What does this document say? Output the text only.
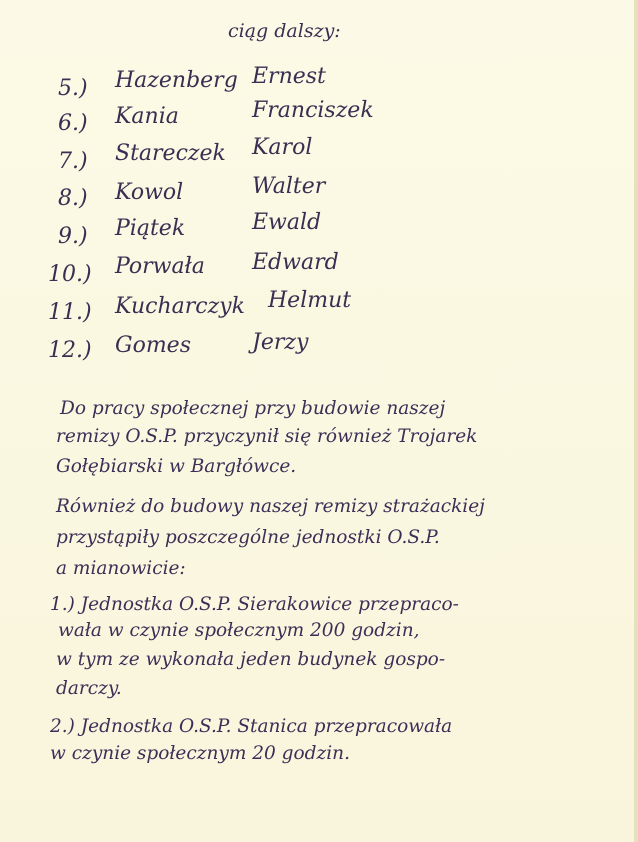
ciąg dalszy:
5.) Hazenberg Ernest
6.) Kania	Franciszek
7.) Stareczek Karol
8.) Kowol	Walter
9.) Piątek	Ewald
10.) Porwała Edward
11.) Kucharczyk Helmut
12.) Gomes	Jerzy
Do pracy społecznej przy budowie naszej
remizy O.S.P. przyczynił się również Trojarek
Gołębiarski w Bargłówce.
Również do budowy naszej remizy strażackiej
przystąpiły poszczególne jednostki O.S.P.
a mianowicie:
1.) Jednostka O.S.P. Sierakowice przepraco-
wała w czynie społecznym 200 godzin,
w tym ze wykonała jeden budynek gospo-
darczy.
2.) Jednostka O.S.P. Stanica przepracowała
w czynie społecznym 20 godzin.
